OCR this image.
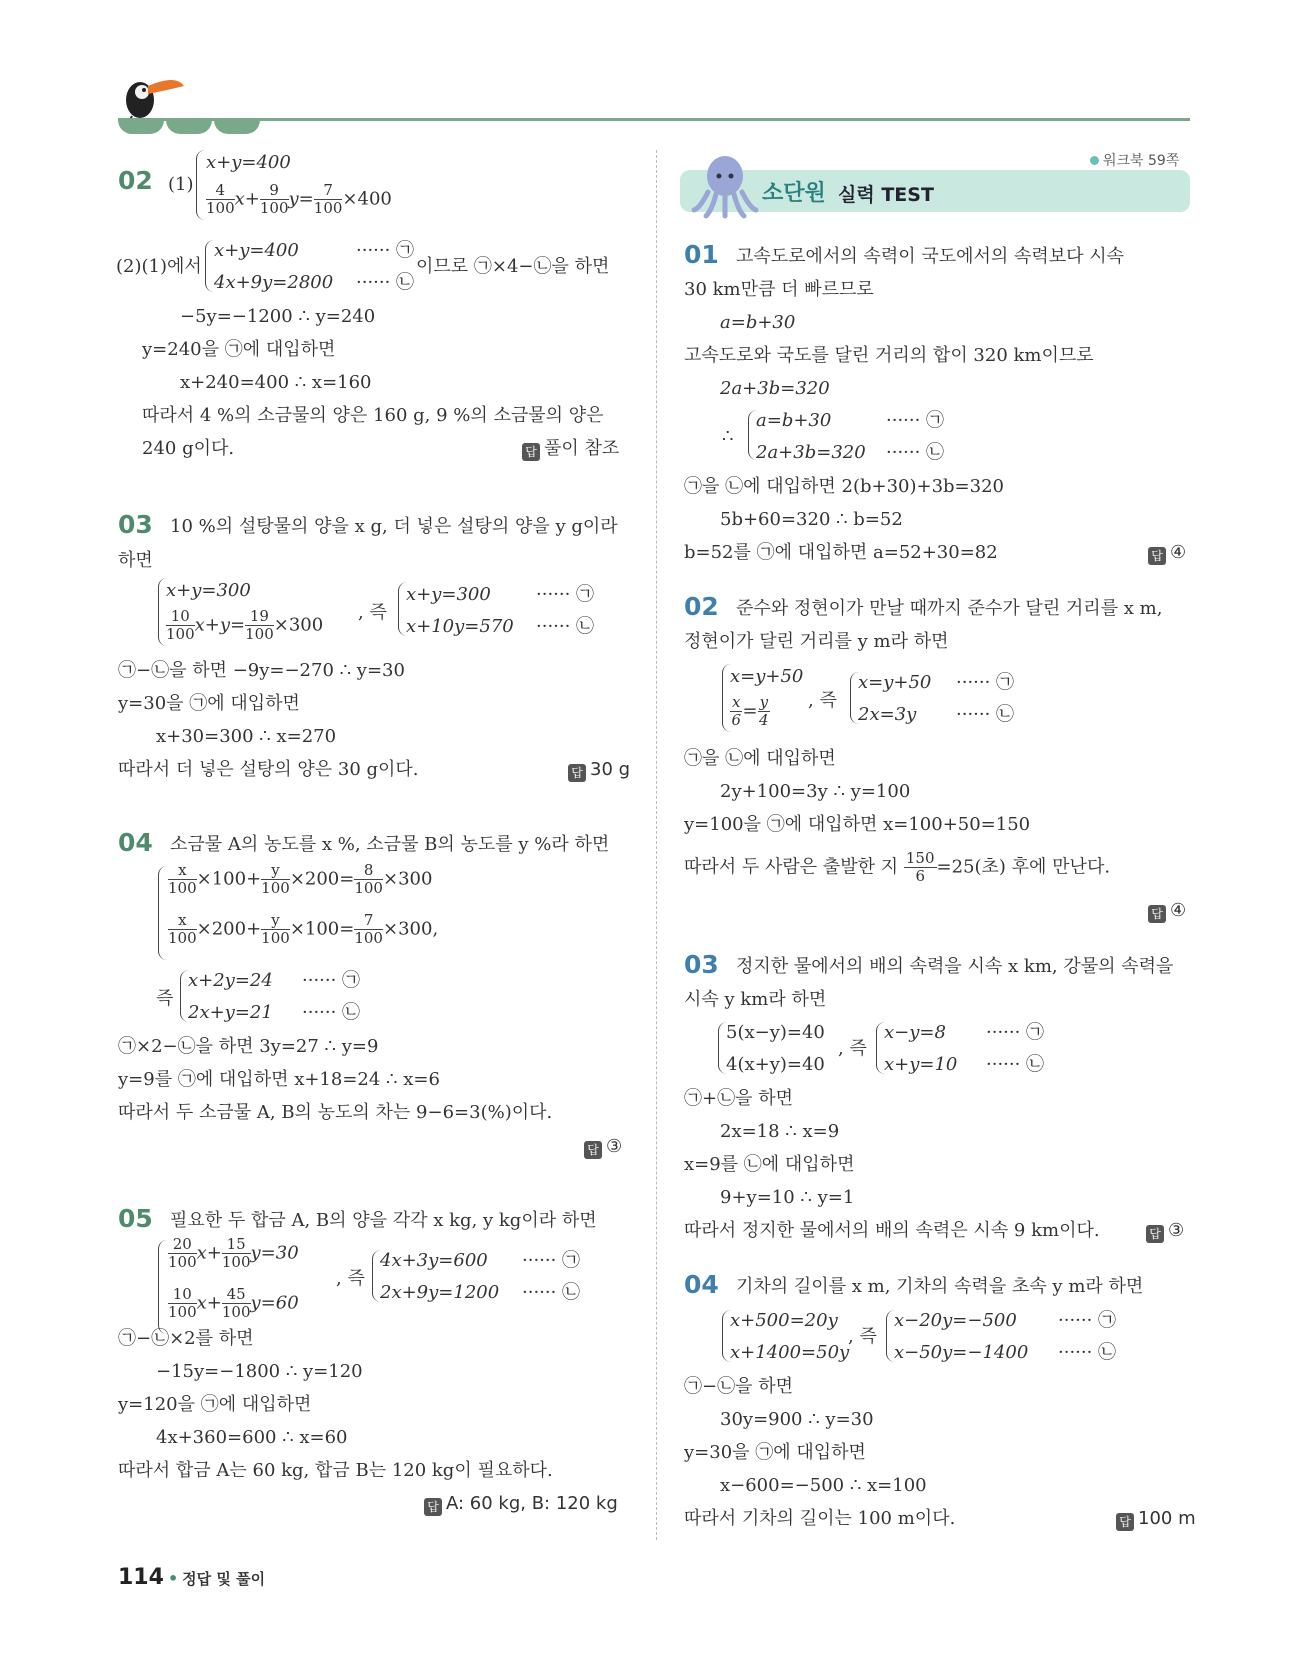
워크북 59쪽
소단원 실력 TEST
02 (1)
x+y=400
$\frac{4}{100} x+ \frac{9}{100} y= \frac{7}{100} \times 400$
(2)(1)에서
x+y=400	······ ㉠
4x+9y=2800 ······ ㉡
이므로 ㉠×4−㉡을 하면
−5y=−1200 ∴ y=240
y=240을 ㉠에 대입하면
x+240=400 ∴ x=160
따라서 4 %의 소금물의 양은 160 g, 9 %의 소금물의 양은
240 g이다.	답 풀이 참조
03 10 %의 설탕물의 양을 x g, 더 넣은 설탕의 양을 y g이라
하면
x+y=300
$\frac{10}{100} x+y= \frac{19}{100} \times 300$
, 즉
x+y=300	······ ㉠
x+10y=570 ······ ㉡
㉠−㉡을 하면 −9y=−270 ∴ y=30
y=30을 ㉠에 대입하면
x+30=300 ∴ x=270
따라서 더 넣은 설탕의 양은 30 g이다.	답 30 g
04 소금물 A의 농도를 x %, 소금물 B의 농도를 y %라 하면
$\frac{x}{100} \times 100+ \frac{y}{100} \times 200= \frac{8}{100} \times 300$
$\frac{x}{100} \times 200+ \frac{y}{100} \times 100= \frac{7}{100} \times 300$,
즉
x+2y=24 ······ ㉠
2x+y=21 ······ ㉡
㉠×2−㉡을 하면 3y=27 ∴ y=9
y=9를 ㉠에 대입하면 x+18=24 ∴ x=6
따라서 두 소금물 A, B의 농도의 차는 9−6=3(%)이다.
답 ③
05 필요한 두 합금 A, B의 양을 각각 x kg, y kg이라 하면
$\frac{20}{100} x+ \frac{15}{100} y=30$
$\frac{10}{100} x+ \frac{45}{100} y=60$
, 즉
4x+3y=600 ······ ㉠
2x+9y=1200 ······ ㉡
㉠−㉡×2를 하면
−15y=−1800 ∴ y=120
y=120을 ㉠에 대입하면
4x+360=600 ∴ x=60
따라서 합금 A는 60 kg, 합금 B는 120 kg이 필요하다.
답 A: 60 kg, B: 120 kg
01 고속도로에서의 속력이 국도에서의 속력보다 시속
30 km만큼 더 빠르므로
a=b+30
고속도로와 국도를 달린 거리의 합이 320 km이므로
2a+3b=320
∴
a=b+30	······ ㉠
2a+3b=320 ······ ㉡
㉠을 ㉡에 대입하면 2(b+30)+3b=320
5b+60=320 ∴ b=52
b=52를 ㉠에 대입하면 a=52+30=82	답 ④
02 준수와 정현이가 만날 때까지 준수가 달린 거리를 x m,
정현이가 달린 거리를 y m라 하면
x=y+50
$\frac{x}{6} = \frac{y}{4}$ , 즉
x=y+50 ······ ㉠
2x=3y ······ ㉡
㉠을 ㉡에 대입하면
2y+100=3y ∴ y=100
y=100을 ㉠에 대입하면 x=100+50=150
따라서 두 사람은 출발한 지 $\frac{150}{6} =25$(초) 후에 만난다.
답 ④
03 정지한 물에서의 배의 속력을 시속 x km, 강물의 속력을
시속 y km라 하면
5(x−y)=40
4(x+y)=40
, 즉
x−y=8 ······ ㉠
x+y=10 ······ ㉡
㉠+㉡을 하면
2x=18 ∴ x=9
x=9를 ㉡에 대입하면
9+y=10 ∴ y=1
따라서 정지한 물에서의 배의 속력은 시속 9 km이다.	답 ③
04 기차의 길이를 x m, 기차의 속력을 초속 y m라 하면
x+500=20y
x+1400=50y
, 즉
x−20y=−500 ······ ㉠
x−50y=−1400 ······ ㉡
㉠−㉡을 하면
30y=900 ∴ y=30
y=30을 ㉠에 대입하면
x−600=−500 ∴ x=100
따라서 기차의 길이는 100 m이다.	답 100 m
114 • 정답 및 풀이
